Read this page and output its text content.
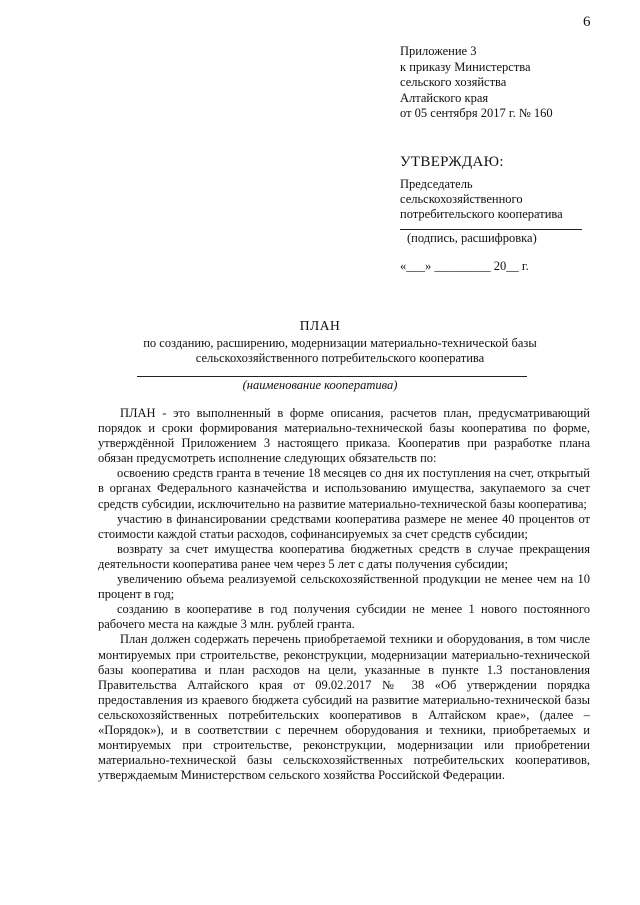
6
Приложение 3
к приказу Министерства
сельского хозяйства
Алтайского края
от 05 сентября 2017 г. № 160
УТВЕРЖДАЮ:
Председатель сельскохозяйственного потребительского кооператива
(подпись, расшифровка)
«___» _________ 20__ г.
ПЛАН
по созданию, расширению, модернизации материально-технической базы сельскохозяйственного потребительского кооператива
(наименование кооператива)

ПЛАН - это выполненный в форме описания, расчетов план, предусматривающий порядок и сроки формирования материально-технической базы кооператива по форме, утверждённой Приложением 3 настоящего приказа. Кооператив при разработке плана обязан предусмотреть исполнение следующих обязательств по:

освоению средств гранта в течение 18 месяцев со дня их поступления на счет, открытый в органах Федерального казначейства и использованию имущества, закупаемого за счет средств субсидии, исключительно на развитие материально-технической базы кооператива;

участию в финансировании средствами кооператива размере не менее 40 процентов от стоимости каждой статьи расходов, софинансируемых за счет средств субсидии;

возврату за счет имущества кооператива бюджетных средств в случае прекращения деятельности кооператива ранее чем через 5 лет с даты получения субсидии;

увеличению объема реализуемой сельскохозяйственной продукции не менее чем на 10 процент в год;

созданию в кооперативе в год получения субсидии не менее 1 нового постоянного рабочего места на каждые 3 млн. рублей гранта.

План должен содержать перечень приобретаемой техники и оборудования, в том числе монтируемых при строительстве, реконструкции, модернизации материально-технической базы кооператива и план расходов на цели, указанные в пункте 1.3 постановления Правительства Алтайского края от 09.02.2017 № 38 «Об утверждении порядка предоставления из краевого бюджета субсидий на развитие материально-технической базы сельскохозяйственных потребительских кооперативов в Алтайском крае», (далее – «Порядок»), и в соответствии с перечнем оборудования и техники, приобретаемых и монтируемых при строительстве, реконструкции, модернизации или приобретении материально-технической базы сельскохозяйственных потребительских кооперативов, утверждаемым Министерством сельского хозяйства Российской Федерации.
